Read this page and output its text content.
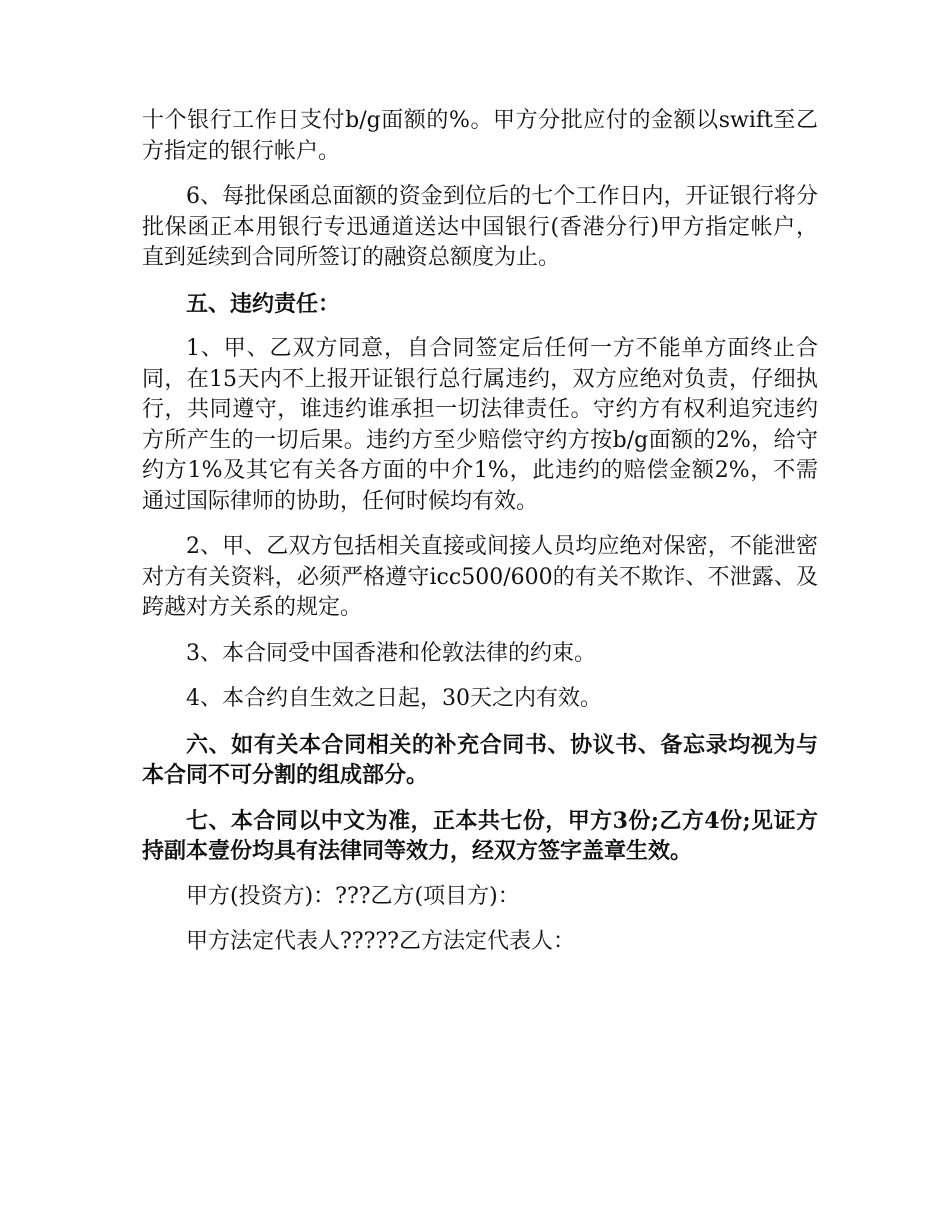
十个银行工作日支付b/g面额的%。甲方分批应付的金额以swift至乙方指定的银行帐户。

6、每批保函总面额的资金到位后的七个工作日内，开证银行将分批保函正本用银行专迅通道送达中国银行(香港分行)甲方指定帐户，直到延续到合同所签订的融资总额度为止。

五、违约责任：

1、甲、乙双方同意，自合同签定后任何一方不能单方面终止合同，在15天内不上报开证银行总行属违约，双方应绝对负责，仔细执行，共同遵守，谁违约谁承担一切法律责任。守约方有权利追究违约方所产生的一切后果。违约方至少赔偿守约方按b/g面额的2%，给守约方1%及其它有关各方面的中介1%，此违约的赔偿金额2%，不需通过国际律师的协助，任何时候均有效。

2、甲、乙双方包括相关直接或间接人员均应绝对保密，不能泄密对方有关资料，必须严格遵守icc500/600的有关不欺诈、不泄露、及跨越对方关系的规定。

3、本合同受中国香港和伦敦法律的约束。

4、本合约自生效之日起，30天之内有效。

六、如有关本合同相关的补充合同书、协议书、备忘录均视为与本合同不可分割的组成部分。

七、本合同以中文为准，正本共七份，甲方3份;乙方4份;见证方持副本壹份均具有法律同等效力，经双方签字盖章生效。

甲方(投资方)：???乙方(项目方)：

甲方法定代表人?????乙方法定代表人：
